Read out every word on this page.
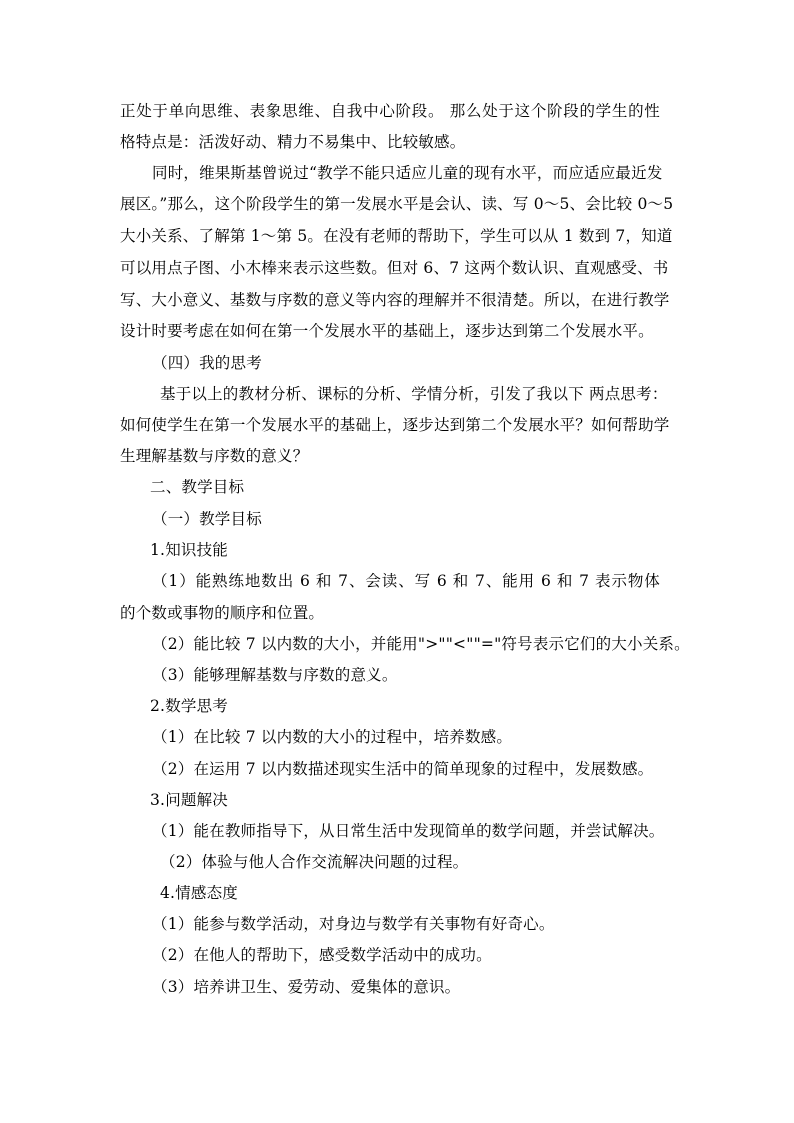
正处于单向思维、表象思维、自我中心阶段。 那么处于这个阶段的学生的性
格特点是：活泼好动、精力不易集中、比较敏感。
同时，维果斯基曾说过“教学不能只适应儿童的现有水平，而应适应最近发
展区。”那么，这个阶段学生的第一发展水平是会认、读、写 0～5、会比较 0～5
大小关系、了解第 1～第 5。在没有老师的帮助下，学生可以从 1 数到 7，知道
可以用点子图、小木棒来表示这些数。但对 6、7 这两个数认识、直观感受、书
写、大小意义、基数与序数的意义等内容的理解并不很清楚。所以，在进行教学
设计时要考虑在如何在第一个发展水平的基础上，逐步达到第二个发展水平。
（四）我的思考
基于以上的教材分析、课标的分析、学情分析，引发了我以下 两点思考：
如何使学生在第一个发展水平的基础上，逐步达到第二个发展水平？如何帮助学
生理解基数与序数的意义？
二、教学目标
（一）教学目标
1.知识技能
（1）能熟练地数出 6 和 7、会读、写 6 和 7、能用 6 和 7 表示物体
的个数或事物的顺序和位置。
（2）能比较 7 以内数的大小，并能用">""<""="符号表示它们的大小关系。
（3）能够理解基数与序数的意义。
2.数学思考
（1）在比较 7 以内数的大小的过程中，培养数感。
（2）在运用 7 以内数描述现实生活中的简单现象的过程中，发展数感。
3.问题解决
（1）能在教师指导下，从日常生活中发现简单的数学问题，并尝试解决。
（2）体验与他人合作交流解决问题的过程。
4.情感态度
（1）能参与数学活动，对身边与数学有关事物有好奇心。
（2）在他人的帮助下，感受数学活动中的成功。
（3）培养讲卫生、爱劳动、爱集体的意识。
